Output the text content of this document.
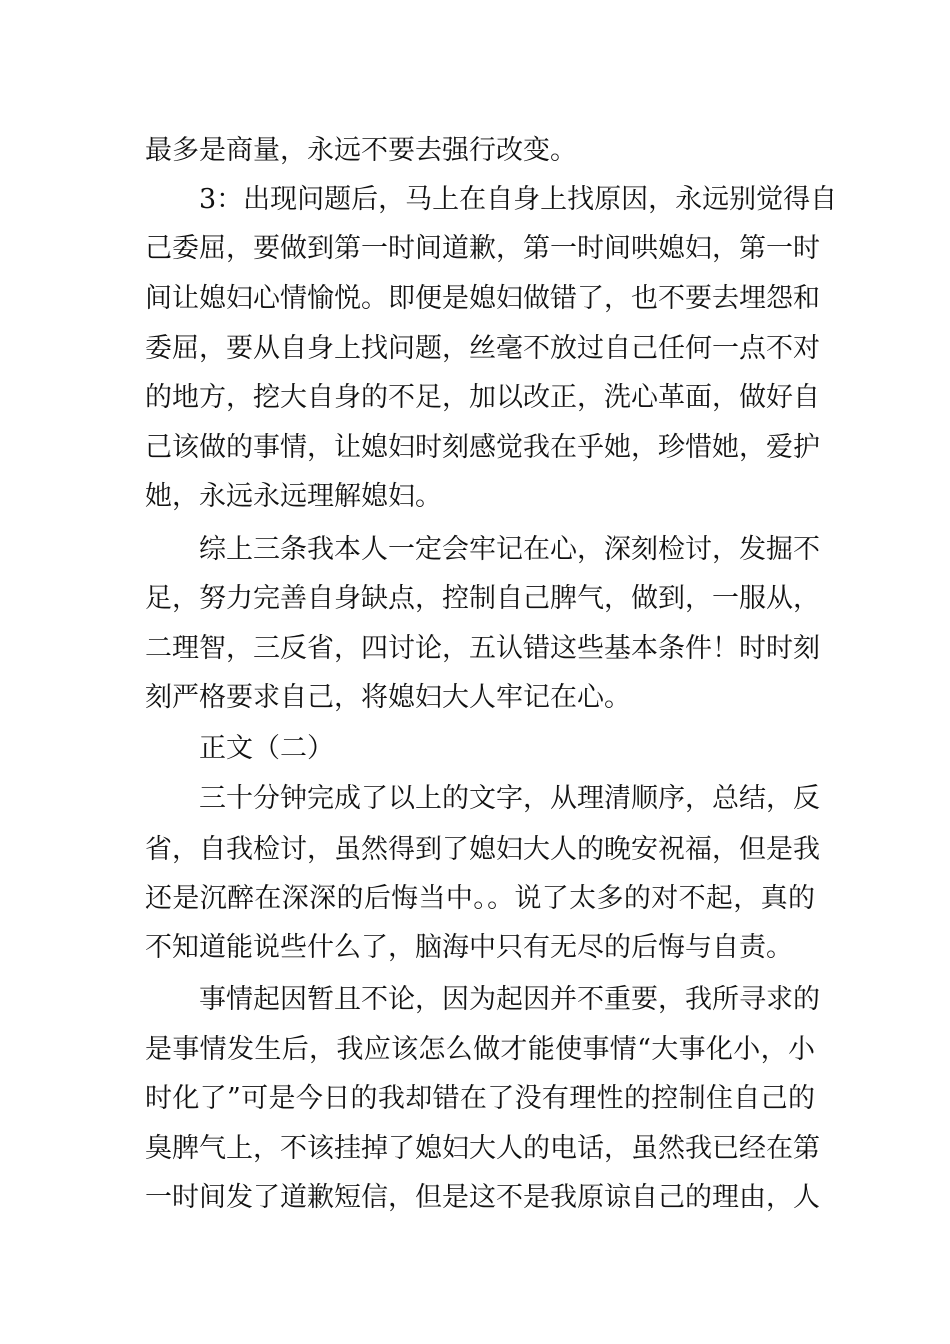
最多是商量，永远不要去强行改变。
3：出现问题后，马上在自身上找原因，永远别觉得自
己委屈，要做到第一时间道歉，第一时间哄媳妇，第一时
间让媳妇心情愉悦。即便是媳妇做错了，也不要去埋怨和
委屈，要从自身上找问题，丝毫不放过自己任何一点不对
的地方，挖大自身的不足，加以改正，洗心革面，做好自
己该做的事情，让媳妇时刻感觉我在乎她，珍惜她，爱护
她，永远永远理解媳妇。
综上三条我本人一定会牢记在心，深刻检讨，发掘不
足，努力完善自身缺点，控制自己脾气，做到，一服从，
二理智，三反省，四讨论，五认错这些基本条件！时时刻
刻严格要求自己，将媳妇大人牢记在心。
正文（二）
三十分钟完成了以上的文字，从理清顺序，总结，反
省，自我检讨，虽然得到了媳妇大人的晚安祝福，但是我
还是沉醉在深深的后悔当中。。说了太多的对不起，真的
不知道能说些什么了，脑海中只有无尽的后悔与自责。
事情起因暂且不论，因为起因并不重要，我所寻求的
是事情发生后，我应该怎么做才能使事情“大事化小，小
时化了”可是今日的我却错在了没有理性的控制住自己的
臭脾气上，不该挂掉了媳妇大人的电话，虽然我已经在第
一时间发了道歉短信，但是这不是我原谅自己的理由，人
